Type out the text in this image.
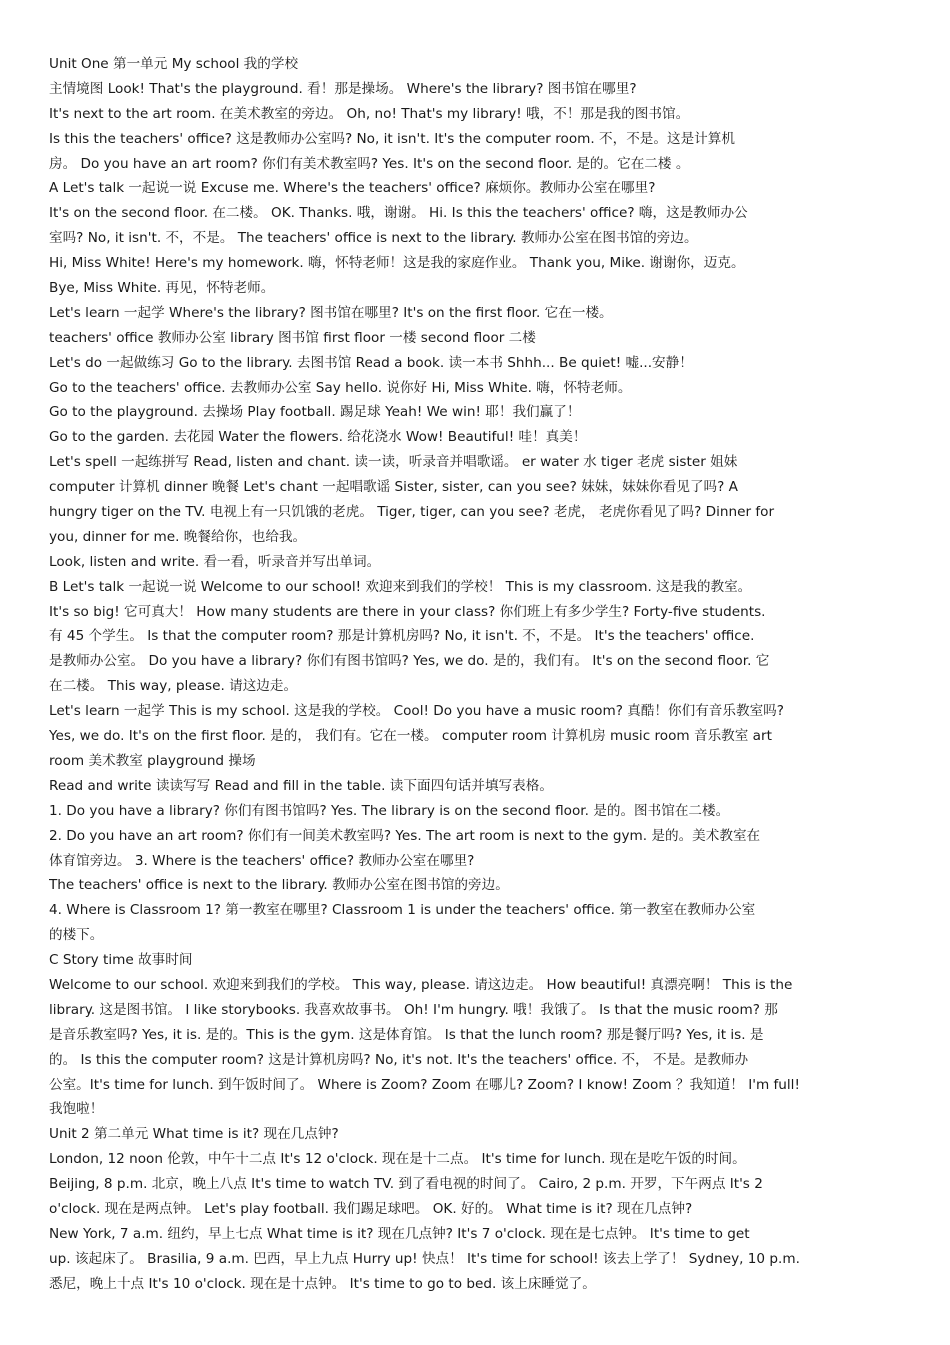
Unit One 第一单元 My school 我的学校
主情境图 Look! That's the playground. 看！那是操场。 Where's the library? 图书馆在哪里?
It's next to the art room. 在美术教室的旁边。 Oh, no! That's my library! 哦，不！那是我的图书馆。
Is this the teachers' office? 这是教师办公室吗? No, it isn't. It's the computer room. 不，不是。这是计算机
房。 Do you have an art room? 你们有美术教室吗? Yes. It's on the second floor. 是的。它在二楼 。
A Let's talk 一起说一说 Excuse me. Where's the teachers' office? 麻烦你。教师办公室在哪里?
It's on the second floor. 在二楼。 OK. Thanks. 哦，谢谢。 Hi. Is this the teachers' office? 嗨，这是教师办公
室吗? No, it isn't. 不，不是。 The teachers' office is next to the library. 教师办公室在图书馆的旁边。
Hi, Miss White! Here's my homework. 嗨，怀特老师！这是我的家庭作业。 Thank you, Mike. 谢谢你，迈克。
Bye, Miss White. 再见，怀特老师。
Let's learn 一起学 Where's the library? 图书馆在哪里? It's on the first floor. 它在一楼。
teachers' office 教师办公室 library 图书馆 first floor 一楼 second floor 二楼
Let's do 一起做练习 Go to the library. 去图书馆 Read a book. 读一本书 Shhh... Be quiet! 嘘...安静！
Go to the teachers' office. 去教师办公室 Say hello. 说你好 Hi, Miss White. 嗨，怀特老师。
Go to the playground. 去操场 Play football. 踢足球 Yeah! We win! 耶！我们赢了！
Go to the garden. 去花园 Water the flowers. 给花浇水 Wow! Beautiful! 哇！真美！
Let's spell 一起练拼写 Read, listen and chant. 读一读，听录音并唱歌谣。 er water 水 tiger 老虎 sister 姐妹
computer 计算机 dinner 晚餐 Let's chant 一起唱歌谣 Sister, sister, can you see? 妹妹，妹妹你看见了吗? A
hungry tiger on the TV. 电视上有一只饥饿的老虎。 Tiger, tiger, can you see? 老虎， 老虎你看见了吗? Dinner for
you, dinner for me. 晚餐给你，也给我。
Look, listen and write. 看一看，听录音并写出单词。
B Let's talk 一起说一说 Welcome to our school! 欢迎来到我们的学校！ This is my classroom. 这是我的教室。
It's so big! 它可真大！ How many students are there in your class? 你们班上有多少学生? Forty-five students.
有 45 个学生。 Is that the computer room? 那是计算机房吗? No, it isn't. 不，不是。 It's the teachers' office.
是教师办公室。 Do you have a library? 你们有图书馆吗? Yes, we do. 是的，我们有。 It's on the second floor. 它
在二楼。 This way, please. 请这边走。
Let's learn 一起学 This is my school. 这是我的学校。 Cool! Do you have a music room? 真酷！你们有音乐教室吗?
Yes, we do. It's on the first floor. 是的， 我们有。它在一楼。 computer room 计算机房 music room 音乐教室 art
room 美术教室 playground 操场
Read and write 读读写写 Read and fill in the table. 读下面四句话并填写表格。
1. Do you have a library? 你们有图书馆吗? Yes. The library is on the second floor. 是的。图书馆在二楼。
2. Do you have an art room? 你们有一间美术教室吗? Yes. The art room is next to the gym. 是的。美术教室在
体育馆旁边。 3. Where is the teachers' office? 教师办公室在哪里?
The teachers' office is next to the library. 教师办公室在图书馆的旁边。
4. Where is Classroom 1? 第一教室在哪里? Classroom 1 is under the teachers' office. 第一教室在教师办公室
的楼下。
C Story time 故事时间
Welcome to our school. 欢迎来到我们的学校。 This way, please. 请这边走。 How beautiful! 真漂亮啊！ This is the
library. 这是图书馆。 I like storybooks. 我喜欢故事书。 Oh! I'm hungry. 哦！我饿了。 Is that the music room? 那
是音乐教室吗? Yes, it is. 是的。This is the gym. 这是体育馆。 Is that the lunch room? 那是餐厅吗? Yes, it is. 是
的。 Is this the computer room? 这是计算机房吗? No, it's not. It's the teachers' office. 不， 不是。是教师办
公室。It's time for lunch. 到午饭时间了。 Where is Zoom? Zoom 在哪儿? Zoom? I know! Zoom ？我知道！ I'm full!
我饱啦！
Unit 2 第二单元 What time is it? 现在几点钟?
London, 12 noon 伦敦，中午十二点 It's 12 o'clock. 现在是十二点。 It's time for lunch. 现在是吃午饭的时间。
Beijing, 8 p.m. 北京，晚上八点 It's time to watch TV. 到了看电视的时间了。 Cairo, 2 p.m. 开罗，下午两点 It's 2
o'clock. 现在是两点钟。 Let's play football. 我们踢足球吧。 OK. 好的。 What time is it? 现在几点钟?
New York, 7 a.m. 纽约，早上七点 What time is it? 现在几点钟? It's 7 o'clock. 现在是七点钟。 It's time to get
up. 该起床了。 Brasilia, 9 a.m. 巴西，早上九点 Hurry up! 快点！ It's time for school! 该去上学了！ Sydney, 10 p.m.
悉尼，晚上十点 It's 10 o'clock. 现在是十点钟。 It's time to go to bed. 该上床睡觉了。
